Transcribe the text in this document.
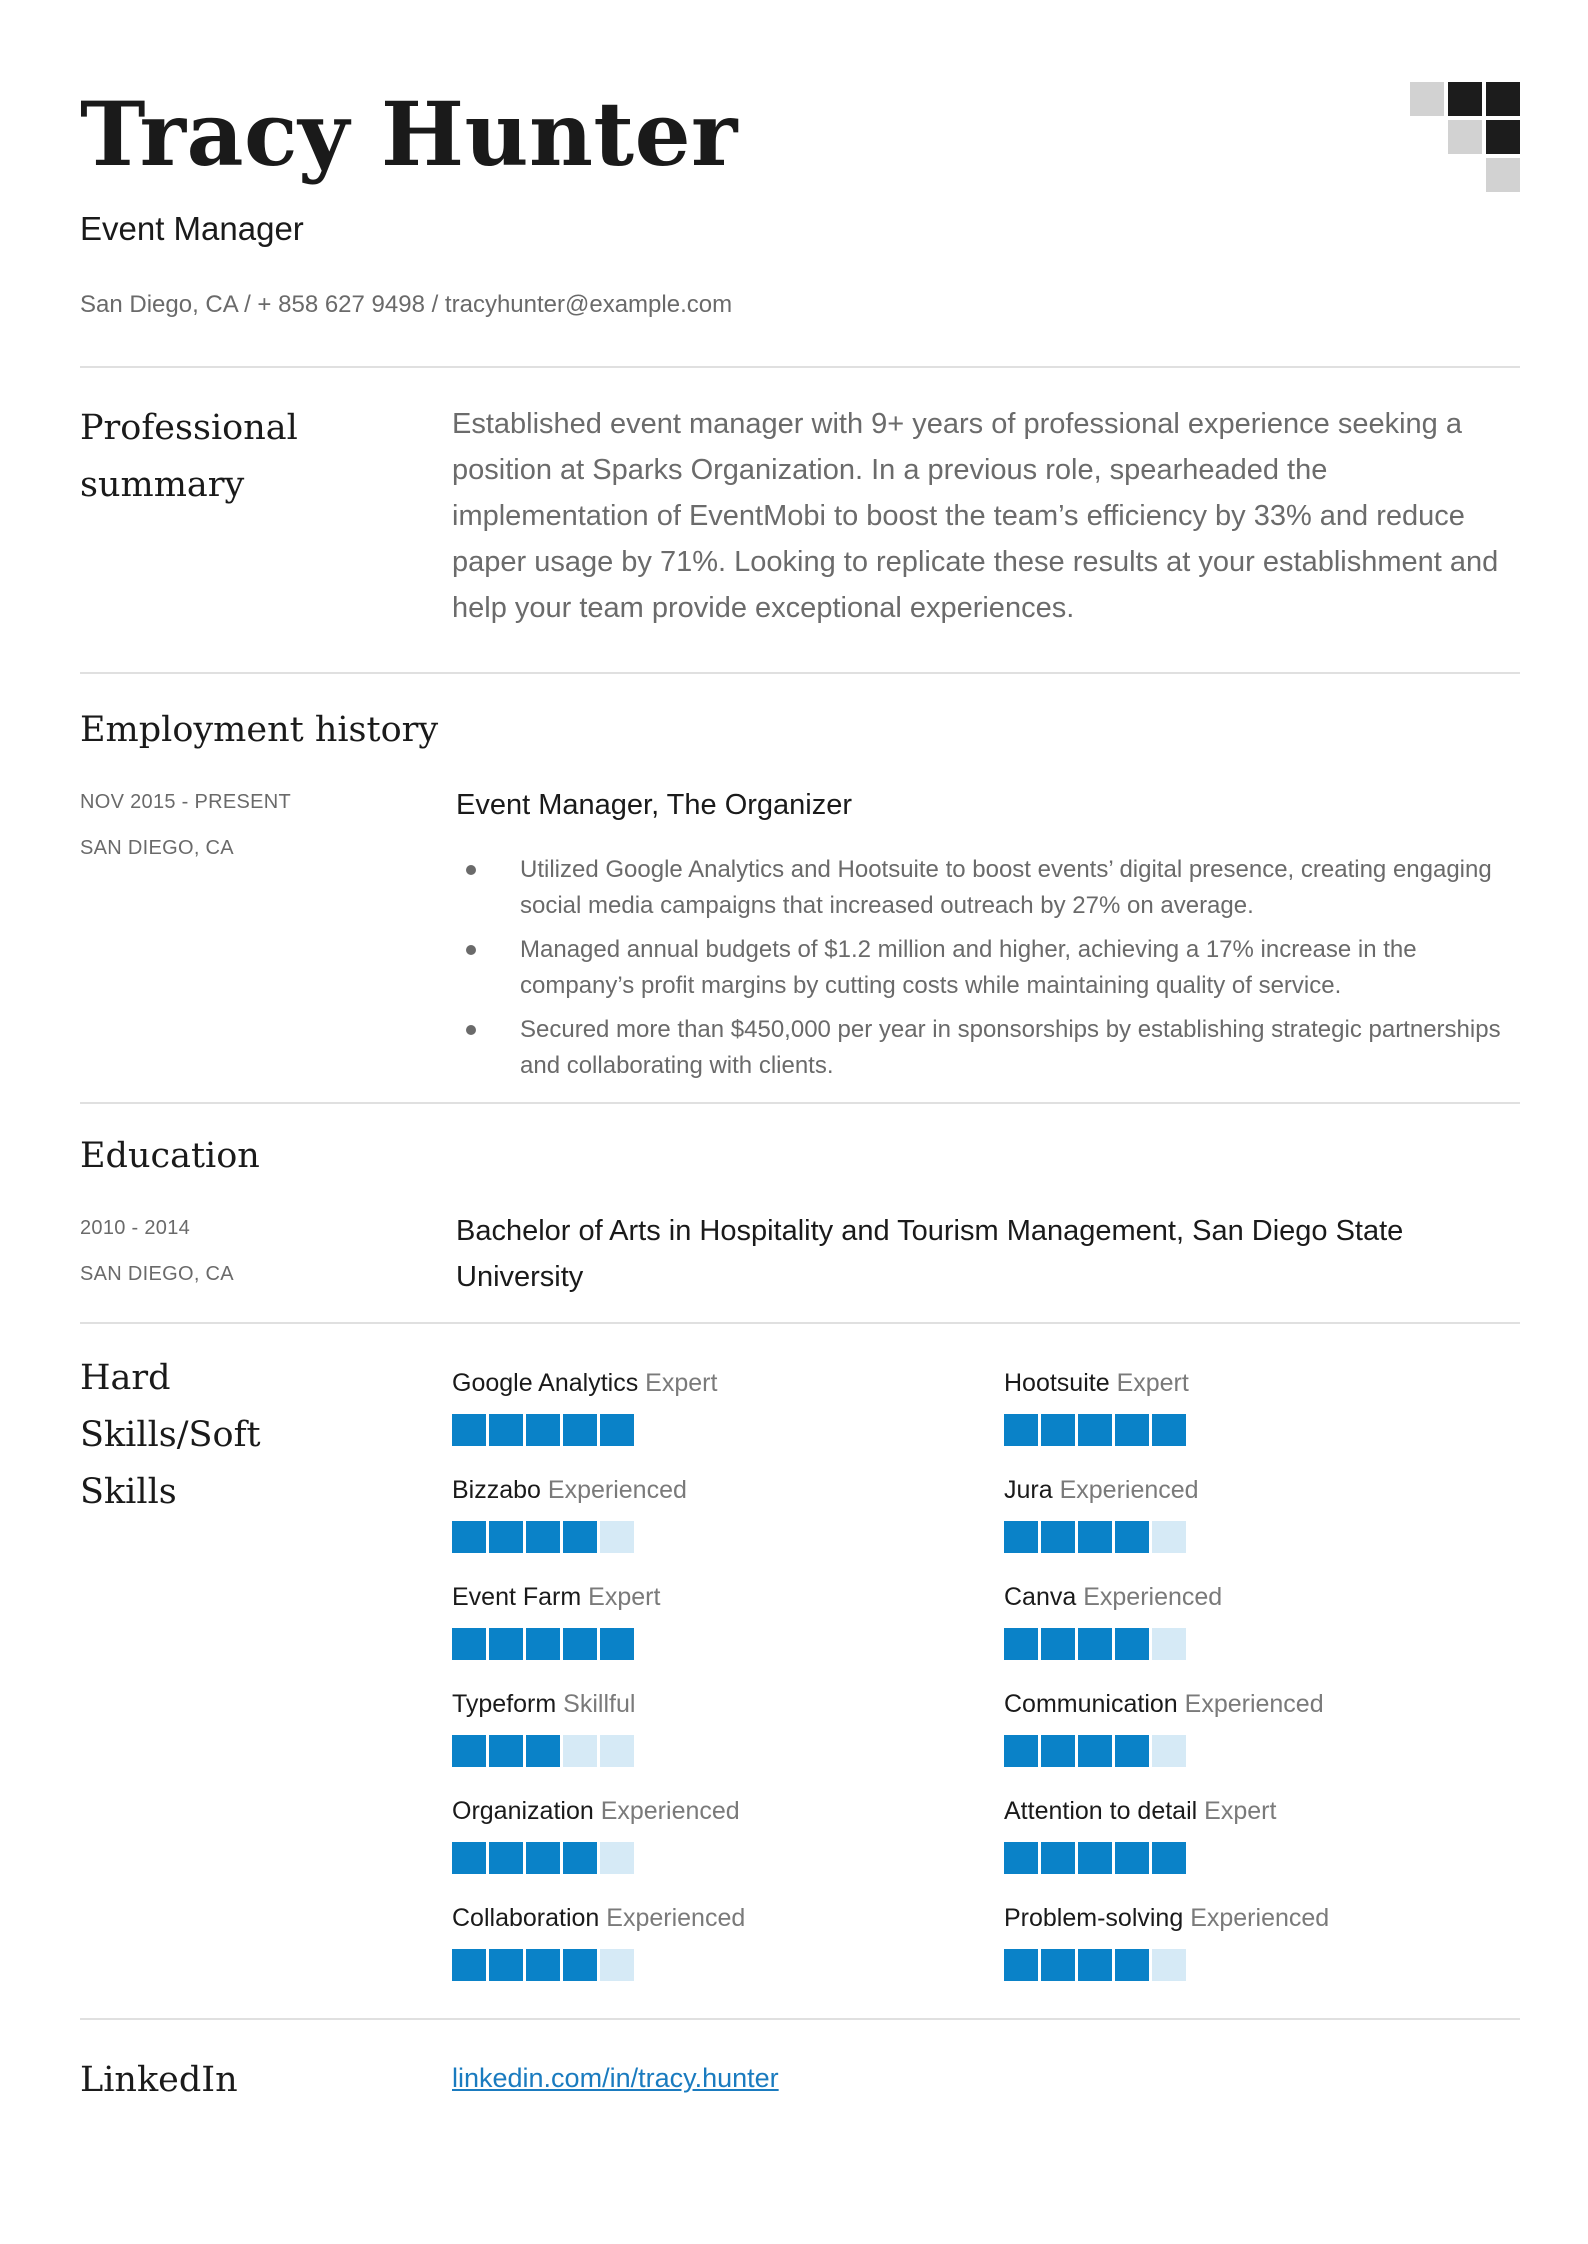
Tracy Hunter
Event Manager
San Diego, CA / + 858 627 9498 / tracyhunter@example.com
Professional summary

Established event manager with 9+ years of professional experience seeking a position at Sparks Organization. In a previous role, spearheaded the implementation of EventMobi to boost the team’s efficiency by 33% and reduce paper usage by 71%. Looking to replicate these results at your establishment and help your team provide exceptional experiences.

Employment history
NOV 2015 - PRESENT
SAN DIEGO, CA
Event Manager, The Organizer
Utilized Google Analytics and Hootsuite to boost events’ digital presence, creating engaging social media campaigns that increased outreach by 27% on average.
Managed annual budgets of $1.2 million and higher, achieving a 17% increase in the company’s profit margins by cutting costs while maintaining quality of service.
Secured more than $450,000 per year in sponsorships by establishing strategic partnerships and collaborating with clients.
Education
2010 - 2014
SAN DIEGO, CA
Bachelor of Arts in Hospitality and Tourism Management, San Diego State University
Hard Skills/Soft Skills
Google Analytics Expert
Bizzabo Experienced
Event Farm Expert
Typeform Skillful
Organization Experienced
Collaboration Experienced
Hootsuite Expert
Jura Experienced
Canva Experienced
Communication Experienced
Attention to detail Expert
Problem-solving Experienced
LinkedIn	linkedin.com/in/tracy.hunter
